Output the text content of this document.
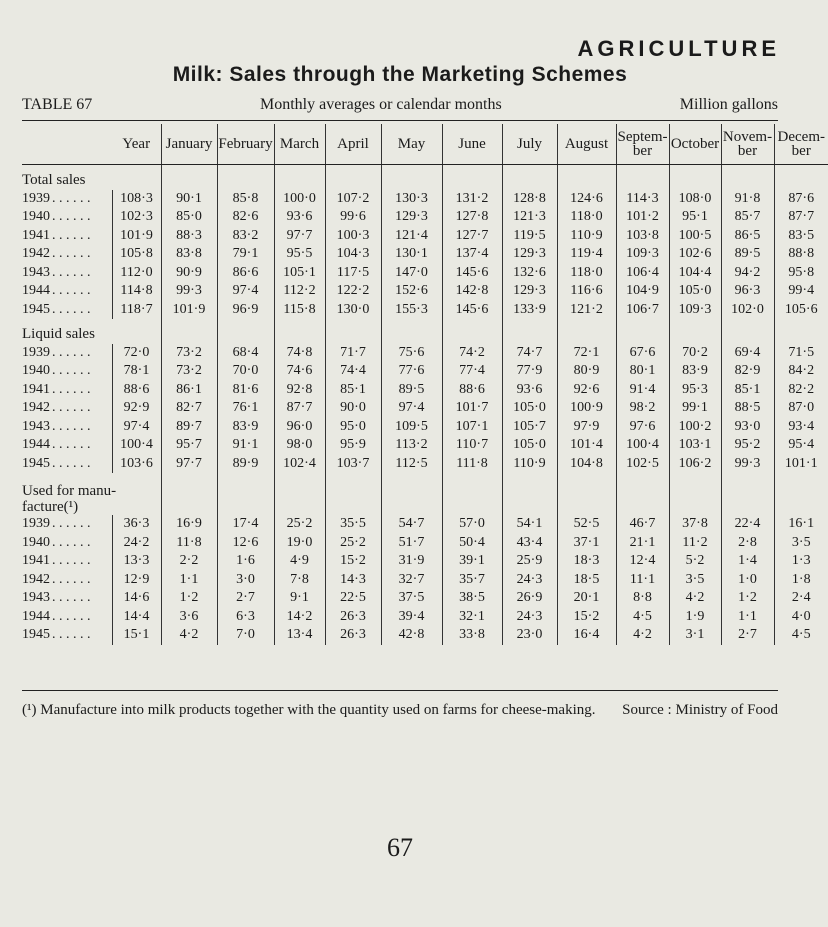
AGRICULTURE
Milk: Sales through the Marketing Schemes
TABLE 67	Monthly averages or calendar months	Million gallons
	Year	January	February	March	April	May	June	July	August	Septem-ber	October	Novem-ber	Decem-ber
Total sales													
1939 . . . . . .	108·3	90·1	85·8	100·0	107·2	130·3	131·2	128·8	124·6	114·3	108·0	91·8	87·6
1940 . . . . . .	102·3	85·0	82·6	93·6	99·6	129·3	127·8	121·3	118·0	101·2	95·1	85·7	87·7
1941 . . . . . .	101·9	88·3	83·2	97·7	100·3	121·4	127·7	119·5	110·9	103·8	100·5	86·5	83·5
1942 . . . . . .	105·8	83·8	79·1	95·5	104·3	130·1	137·4	129·3	119·4	109·3	102·6	89·5	88·8
1943 . . . . . .	112·0	90·9	86·6	105·1	117·5	147·0	145·6	132·6	118·0	106·4	104·4	94·2	95·8
1944 . . . . . .	114·8	99·3	97·4	112·2	122·2	152·6	142·8	129·3	116·6	104·9	105·0	96·3	99·4
1945 . . . . . .	118·7	101·9	96·9	115·8	130·0	155·3	145·6	133·9	121·2	106·7	109·3	102·0	105·6
Liquid sales													
1939 . . . . . .	72·0	73·2	68·4	74·8	71·7	75·6	74·2	74·7	72·1	67·6	70·2	69·4	71·5
1940 . . . . . .	78·1	73·2	70·0	74·6	74·4	77·6	77·4	77·9	80·9	80·1	83·9	82·9	84·2
1941 . . . . . .	88·6	86·1	81·6	92·8	85·1	89·5	88·6	93·6	92·6	91·4	95·3	85·1	82·2
1942 . . . . . .	92·9	82·7	76·1	87·7	90·0	97·4	101·7	105·0	100·9	98·2	99·1	88·5	87·0
1943 . . . . . .	97·4	89·7	83·9	96·0	95·0	109·5	107·1	105·7	97·9	97·6	100·2	93·0	93·4
1944 . . . . . .	100·4	95·7	91·1	98·0	95·9	113·2	110·7	105·0	101·4	100·4	103·1	95·2	95·4
1945 . . . . . .	103·6	97·7	89·9	102·4	103·7	112·5	111·8	110·9	104·8	102·5	106·2	99·3	101·1

Used for manu-
facture(¹)													

1939 . . . . . .	36·3	16·9	17·4	25·2	35·5	54·7	57·0	54·1	52·5	46·7	37·8	22·4	16·1
1940 . . . . . .	24·2	11·8	12·6	19·0	25·2	51·7	50·4	43·4	37·1	21·1	11·2	2·8	3·5
1941 . . . . . .	13·3	2·2	1·6	4·9	15·2	31·9	39·1	25·9	18·3	12·4	5·2	1·4	1·3
1942 . . . . . .	12·9	1·1	3·0	7·8	14·3	32·7	35·7	24·3	18·5	11·1	3·5	1·0	1·8
1943 . . . . . .	14·6	1·2	2·7	9·1	22·5	37·5	38·5	26·9	20·1	8·8	4·2	1·2	2·4
1944 . . . . . .	14·4	3·6	6·3	14·2	26·3	39·4	32·1	24·3	15·2	4·5	1·9	1·1	4·0
1945 . . . . . .	15·1	4·2	7·0	13·4	26·3	42·8	33·8	23·0	16·4	4·2	3·1	2·7	4·5
(¹) Manufacture into milk products together with the quantity used on farms for cheese-making. Source : Ministry of Food
67
